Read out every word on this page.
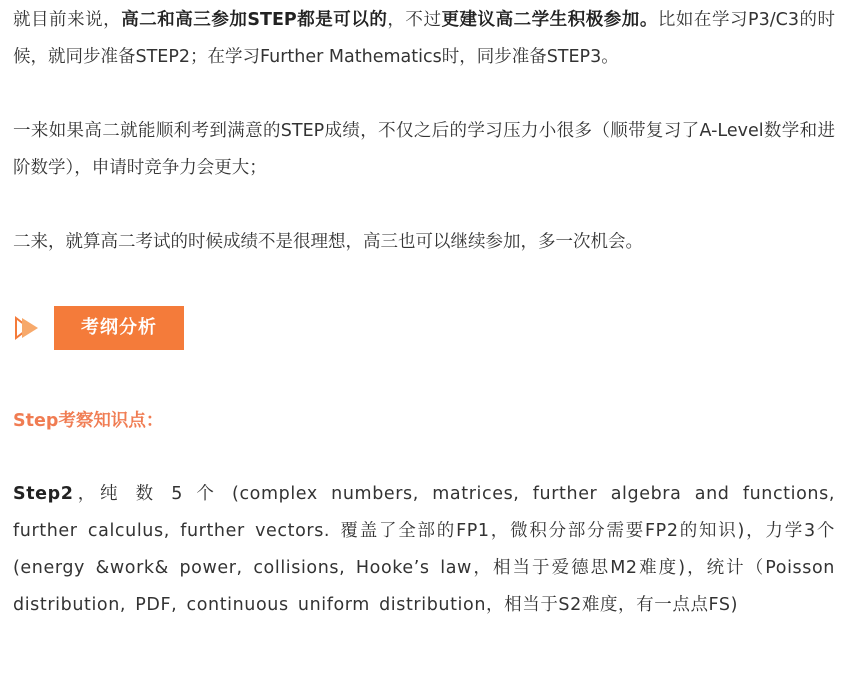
就目前来说，高二和高三参加STEP都是可以的，不过更建议高二学生积极参加。比如在学习P3/C3的时候，就同步准备STEP2；在学习Further Mathematics时，同步准备STEP3。

一来如果高二就能顺利考到满意的STEP成绩，不仅之后的学习压力小很多（顺带复习了A-Level数学和进阶数学），申请时竞争力会更大；

二来，就算高二考试的时候成绩不是很理想，高三也可以继续参加，多一次机会。

考纲分析

Step考察知识点：

Step2，纯 数 5 个 (complex numbers, matrices, further algebra and functions, further calculus, further vectors. 覆盖了全部的FP1，微积分部分需要FP2的知识)，力学3个(energy &work& power, collisions, Hooke’s law，相当于爱德思M2难度)，统计（Poisson distribution, PDF, continuous uniform distribution，相当于S2难度，有一点点FS)
